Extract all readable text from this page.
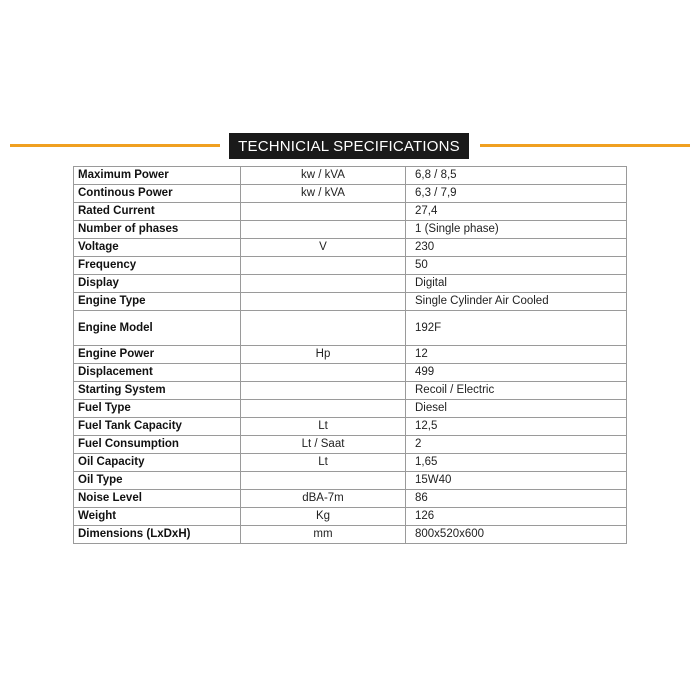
TECHNICIAL SPECIFICATIONS
Maximum Power	kw / kVA	6,8 / 8,5
Continous Power	kw / kVA	6,3 / 7,9
Rated Current		27,4
Number of phases		1 (Single phase)
Voltage	V	230
Frequency		50
Display		Digital
Engine Type		Single Cylinder Air Cooled
Engine Model		192F
Engine Power	Hp	12
Displacement		499
Starting System		Recoil / Electric
Fuel Type		Diesel
Fuel Tank Capacity	Lt	12,5
Fuel Consumption	Lt / Saat	2
Oil Capacity	Lt	1,65
Oil Type		15W40
Noise Level	dBA-7m	86
Weight	Kg	126
Dimensions (LxDxH)	mm	800x520x600
